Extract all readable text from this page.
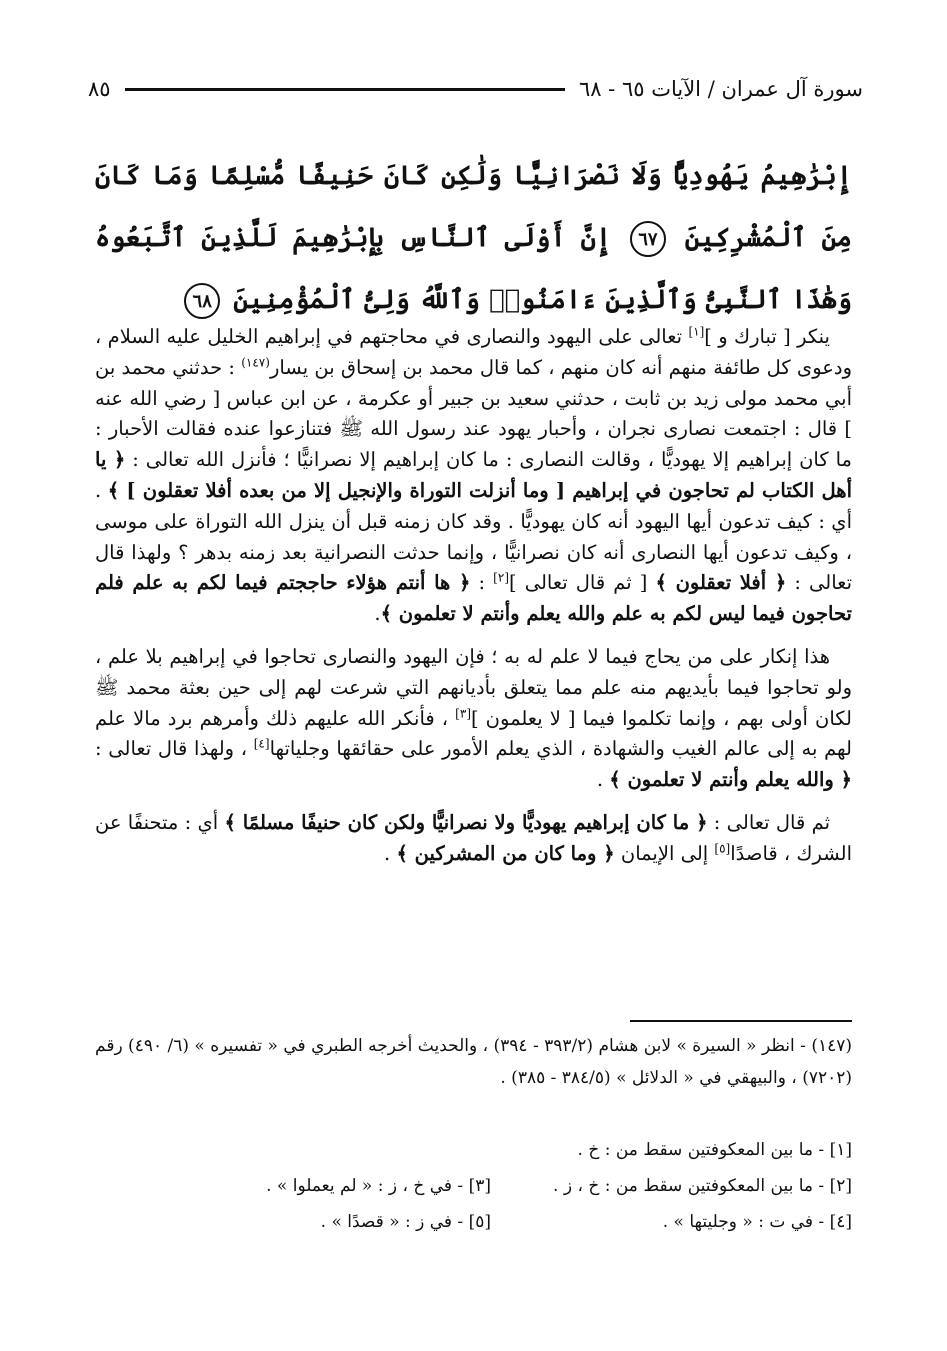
سورة آل عمران / الآيات ٦٥ - ٦٨
٨٥
إِبْرَٰهِيمُ يَهُودِيًّا وَلَا نَصْرَانِيًّا وَلَٰكِن كَانَ حَنِيفًا مُّسْلِمًا وَمَا كَانَ مِنَ ٱلْمُشْرِكِينَ ٦٧ إِنَّ أَوْلَى ٱلنَّاسِ بِإِبْرَٰهِيمَ لَلَّذِينَ ٱتَّبَعُوهُ وَهَٰذَا ٱلنَّبِىُّ وَٱلَّذِينَ ءَامَنُوا۟ وَٱللَّهُ وَلِىُّ ٱلْمُؤْمِنِينَ ٦٨

ينكر [ تبارك و ][١] تعالى على اليهود والنصارى في محاجتهم في إبراهيم الخليل عليه السلام ، ودعوى كل طائفة منهم أنه كان منهم ، كما قال محمد بن إسحاق بن يسار$^{(١٤٧)}$ : حدثني محمد بن أبي محمد مولى زيد بن ثابت ، حدثني سعيد بن جبير أو عكرمة ، عن ابن عباس [ رضي الله عنه ] قال : اجتمعت نصارى نجران ، وأحبار يهود عند رسول الله ﷺ فتنازعوا عنده فقالت الأحبار : ما كان إبراهيم إلا يهوديًّا ، وقالت النصارى : ما كان إبراهيم إلا نصرانيًّا ؛ فأنزل الله تعالى : ﴿ يا أهل الكتاب لم تحاجون في إبراهيم [ وما أنزلت التوراة والإنجيل إلا من بعده أفلا تعقلون ] ﴾ . أي : كيف تدعون أيها اليهود أنه كان يهوديًّا . وقد كان زمنه قبل أن ينزل الله التوراة على موسى ، وكيف تدعون أيها النصارى أنه كان نصرانيًّا ، وإنما حدثت النصرانية بعد زمنه بدهر ؟ ولهذا قال تعالى : ﴿ أفلا تعقلون ﴾ [ ثم قال تعالى ][٢] : ﴿ ها أنتم هؤلاء حاججتم فيما لكم به علم فلم تحاجون فيما ليس لكم به علم والله يعلم وأنتم لا تعلمون ﴾.

هذا إنكار على من يحاج فيما لا علم له به ؛ فإن اليهود والنصارى تحاجوا في إبراهيم بلا علم ، ولو تحاجوا فيما بأيديهم منه علم مما يتعلق بأديانهم التي شرعت لهم إلى حين بعثة محمد ﷺ لكان أولى بهم ، وإنما تكلموا فيما [ لا يعلمون ][٣] ، فأنكر الله عليهم ذلك وأمرهم برد مالا علم لهم به إلى عالم الغيب والشهادة ، الذي يعلم الأمور على حقائقها وجلياتها[٤] ، ولهذا قال تعالى : ﴿ والله يعلم وأنتم لا تعلمون ﴾ .

ثم قال تعالى : ﴿ ما كان إبراهيم يهوديًّا ولا نصرانيًّا ولكن كان حنيفًا مسلمًا ﴾ أي : متحنفًا عن الشرك ، قاصدًا[٥] إلى الإيمان ﴿ وما كان من المشركين ﴾ .

(١٤٧) - انظر « السيرة » لابن هشام (٣٩٣/٢ - ٣٩٤) ، والحديث أخرجه الطبري في « تفسيره » (٦/ ٤٩٠) رقم (٧٢٠٢) ، والبيهقي في « الدلائل » (٣٨٤/٥ - ٣٨٥) .
[١] - ما بين المعكوفتين سقط من : خ .
[٢] - ما بين المعكوفتين سقط من : خ ، ز .
[٣] - في خ ، ز : « لم يعملوا » .
[٤] - في ت : « وجليتها » .
[٥] - في ز : « قصدًا » .
